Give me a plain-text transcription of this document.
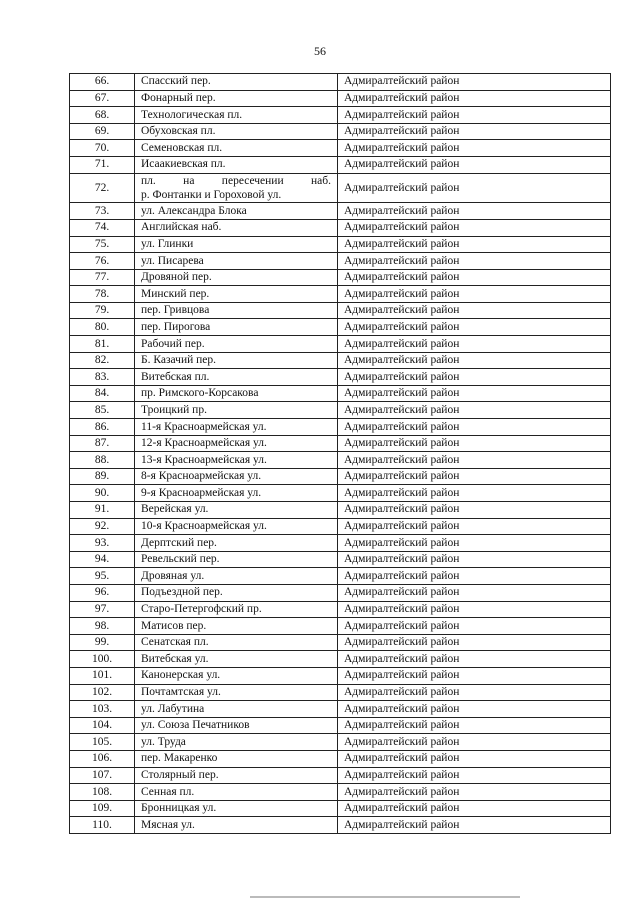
56
66.	Спасский пер.	Адмиралтейский район
67.	Фонарный пер.	Адмиралтейский район
68.	Технологическая пл.	Адмиралтейский район
69.	Обуховская пл.	Адмиралтейский район
70.	Семеновская пл.	Адмиралтейский район
71.	Исаакиевская пл.	Адмиралтейский район
72.	пл. на пересечении наб.
р. Фонтанки и Гороховой ул.	Адмиралтейский район
73.	ул. Александра Блока	Адмиралтейский район
74.	Английская наб.	Адмиралтейский район
75.	ул. Глинки	Адмиралтейский район
76.	ул. Писарева	Адмиралтейский район
77.	Дровяной пер.	Адмиралтейский район
78.	Минский пер.	Адмиралтейский район
79.	пер. Гривцова	Адмиралтейский район
80.	пер. Пирогова	Адмиралтейский район
81.	Рабочий пер.	Адмиралтейский район
82.	Б. Казачий пер.	Адмиралтейский район
83.	Витебская пл.	Адмиралтейский район
84.	пр. Римского-Корсакова	Адмиралтейский район
85.	Троицкий пр.	Адмиралтейский район
86.	11-я Красноармейская ул.	Адмиралтейский район
87.	12-я Красноармейская ул.	Адмиралтейский район
88.	13-я Красноармейская ул.	Адмиралтейский район
89.	8-я Красноармейская ул.	Адмиралтейский район
90.	9-я Красноармейская ул.	Адмиралтейский район
91.	Верейская ул.	Адмиралтейский район
92.	10-я Красноармейская ул.	Адмиралтейский район
93.	Дерптский пер.	Адмиралтейский район
94.	Ревельский пер.	Адмиралтейский район
95.	Дровяная ул.	Адмиралтейский район
96.	Подъездной пер.	Адмиралтейский район
97.	Старо-Петергофский пр.	Адмиралтейский район
98.	Матисов пер.	Адмиралтейский район
99.	Сенатская пл.	Адмиралтейский район
100.	Витебская ул.	Адмиралтейский район
101.	Канонерская ул.	Адмиралтейский район
102.	Почтамтская ул.	Адмиралтейский район
103.	ул. Лабутина	Адмиралтейский район
104.	ул. Союза Печатников	Адмиралтейский район
105.	ул. Труда	Адмиралтейский район
106.	пер. Макаренко	Адмиралтейский район
107.	Столярный пер.	Адмиралтейский район
108.	Сенная пл.	Адмиралтейский район
109.	Бронницкая ул.	Адмиралтейский район
110.	Мясная ул.	Адмиралтейский район
